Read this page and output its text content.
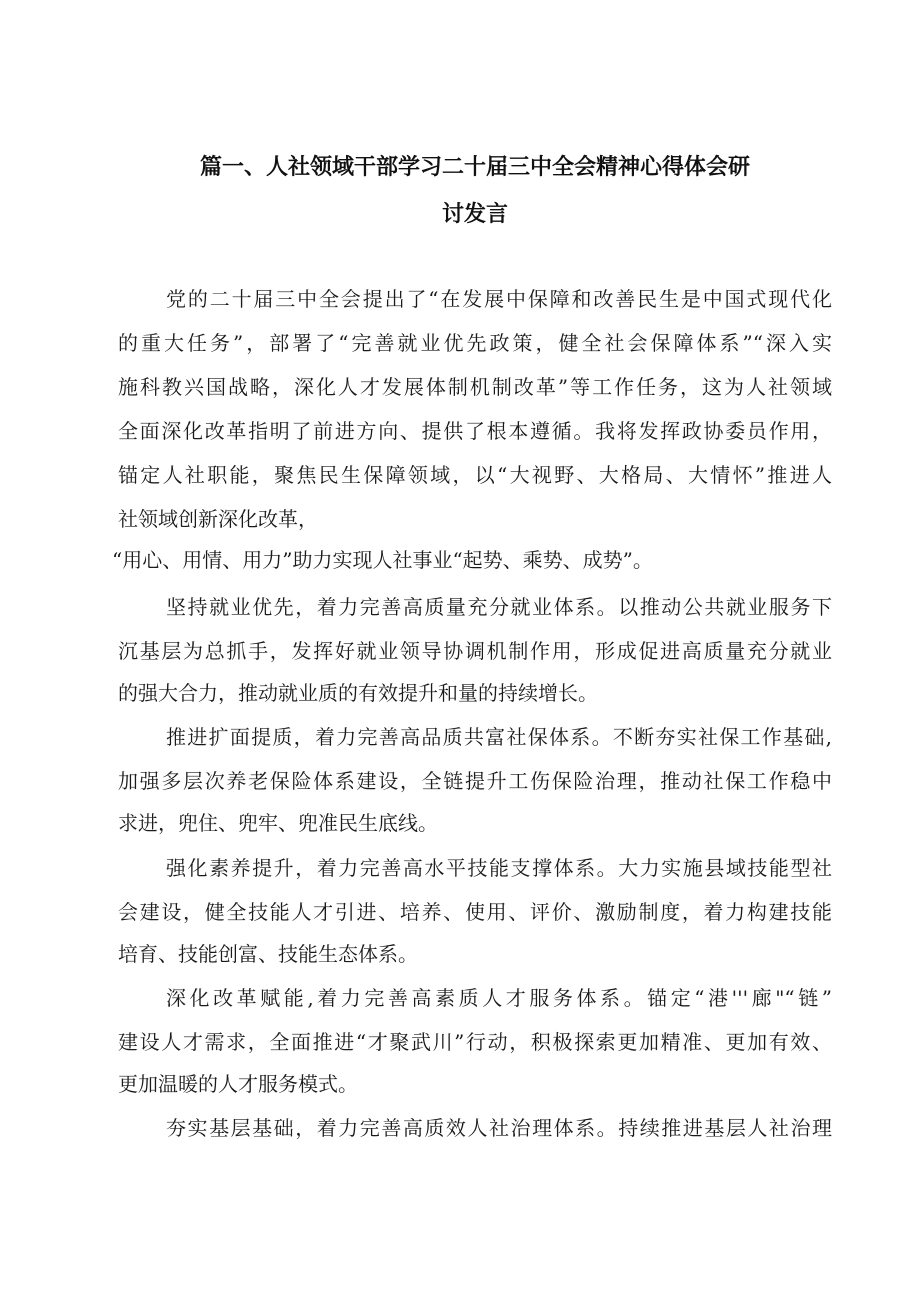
篇一、人社领域干部学习二十届三中全会精神心得体会研
讨发言
党的二十届三中全会提出了“在发展中保障和改善民生是中国式现代化
的重大任务”，部署了“完善就业优先政策，健全社会保障体系”“深入实
施科教兴国战略，深化人才发展体制机制改革”等工作任务，这为人社领域
全面深化改革指明了前进方向、提供了根本遵循。我将发挥政协委员作用，
锚定人社职能，聚焦民生保障领域，以“大视野、大格局、大情怀”推进人
社领域创新深化改革，
“用心、用情、用力”助力实现人社事业“起势、乘势、成势”。
坚持就业优先，着力完善高质量充分就业体系。以推动公共就业服务下
沉基层为总抓手，发挥好就业领导协调机制作用，形成促进高质量充分就业
的强大合力，推动就业质的有效提升和量的持续增长。
推进扩面提质，着力完善高品质共富社保体系。不断夯实社保工作基础,
加强多层次养老保险体系建设，全链提升工伤保险治理，推动社保工作稳中
求进，兜住、兜牢、兜准民生底线。
强化素养提升，着力完善高水平技能支撑体系。大力实施县域技能型社
会建设，健全技能人才引进、培养、使用、评价、激励制度，着力构建技能
培育、技能创富、技能生态体系。
深化改革赋能,着力完善高素质人才服务体系。锚定“港'''廊"“链”
建设人才需求，全面推进“才聚武川”行动，积极探索更加精准、更加有效、
更加温暖的人才服务模式。
夯实基层基础，着力完善高质效人社治理体系。持续推进基层人社治理
